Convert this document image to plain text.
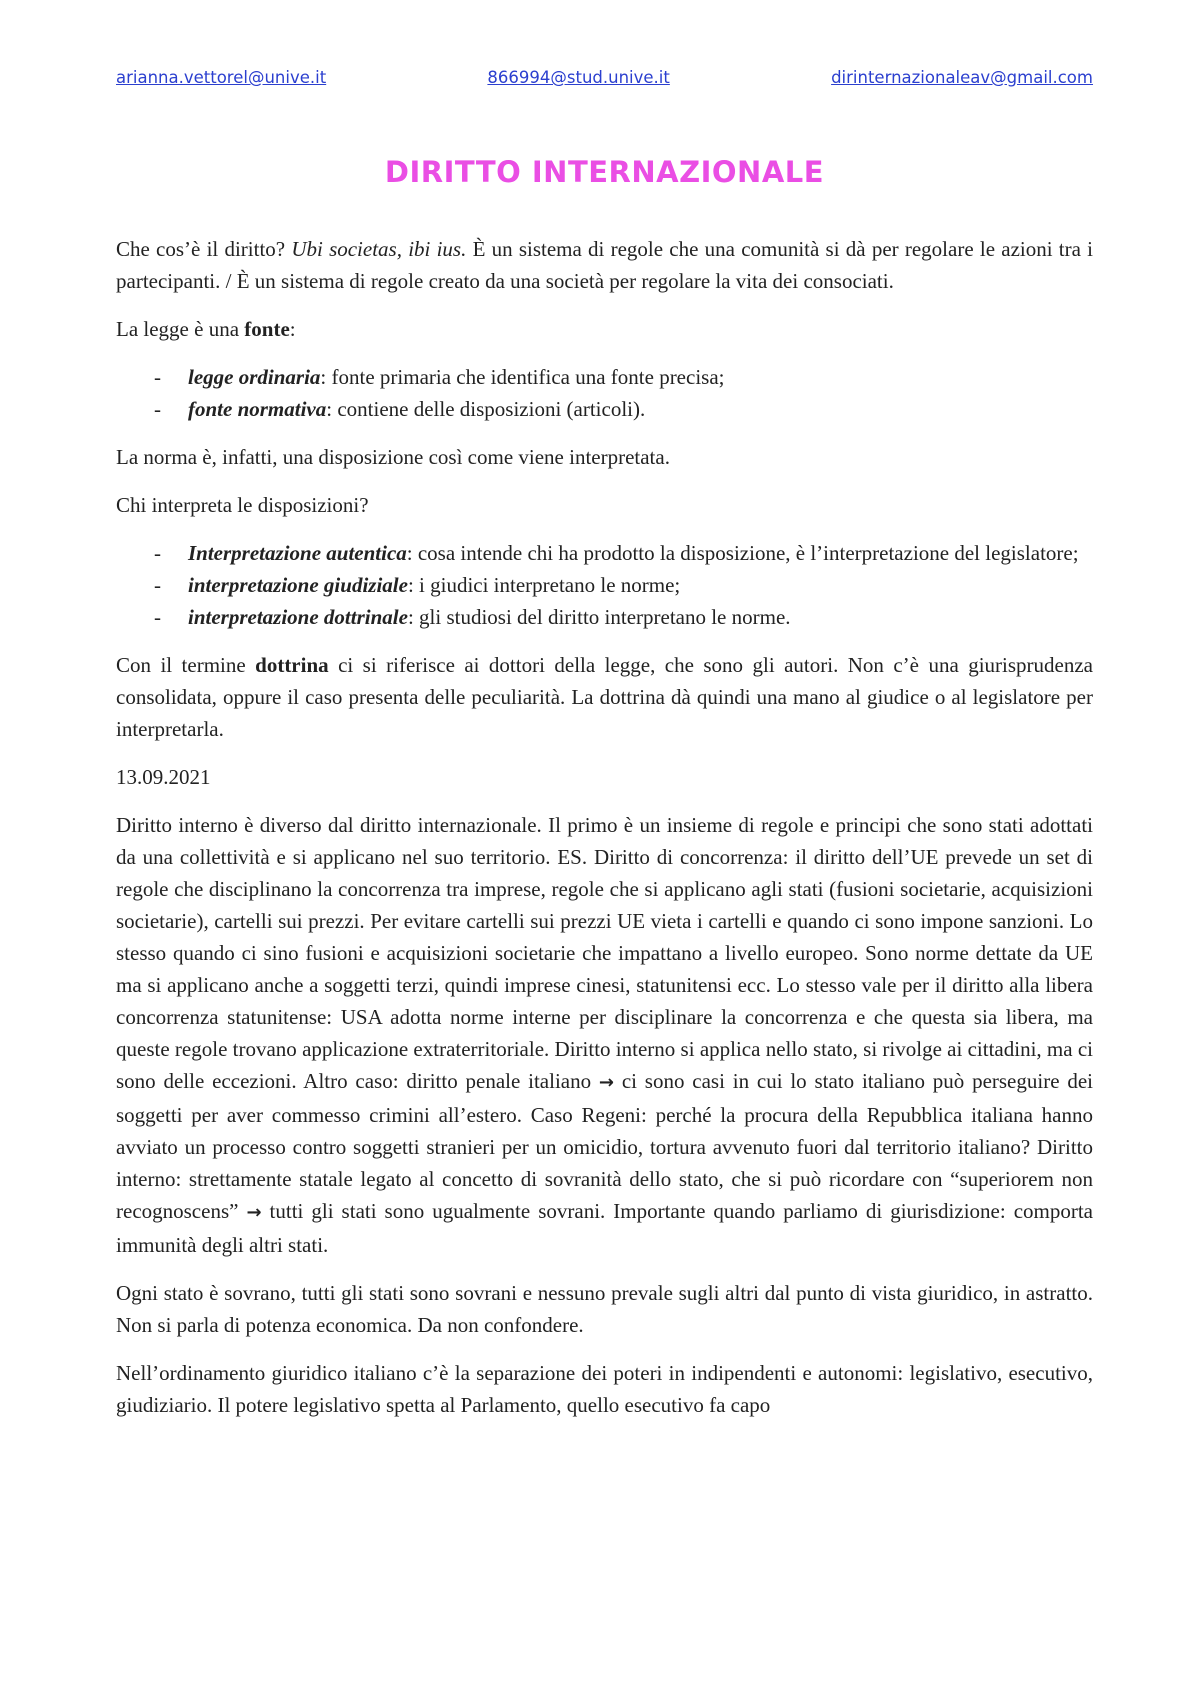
arianna.vettorel@unive.it	866994@stud.unive.it	dirinternazionaleav@gmail.com
DIRITTO INTERNAZIONALE

Che cos’è il diritto? Ubi societas, ibi ius. È un sistema di regole che una comunità si dà per regolare le azioni tra i partecipanti. / È un sistema di regole creato da una società per regolare la vita dei consociati.

La legge è una fonte:

- legge ordinaria: fonte primaria che identifica una fonte precisa;
- fonte normativa: contiene delle disposizioni (articoli).

La norma è, infatti, una disposizione così come viene interpretata.

Chi interpreta le disposizioni?

- Interpretazione autentica: cosa intende chi ha prodotto la disposizione, è l’interpretazione del legislatore;
- interpretazione giudiziale: i giudici interpretano le norme;
- interpretazione dottrinale: gli studiosi del diritto interpretano le norme.

Con il termine dottrina ci si riferisce ai dottori della legge, che sono gli autori. Non c’è una giurisprudenza consolidata, oppure il caso presenta delle peculiarità. La dottrina dà quindi una mano al giudice o al legislatore per interpretarla.

13.09.2021

Diritto interno è diverso dal diritto internazionale. Il primo è un insieme di regole e principi che sono stati adottati da una collettività e si applicano nel suo territorio. ES. Diritto di concorrenza: il diritto dell’UE prevede un set di regole che disciplinano la concorrenza tra imprese, regole che si applicano agli stati (fusioni societarie, acquisizioni societarie), cartelli sui prezzi. Per evitare cartelli sui prezzi UE vieta i cartelli e quando ci sono impone sanzioni. Lo stesso quando ci sino fusioni e acquisizioni societarie che impattano a livello europeo. Sono norme dettate da UE ma si applicano anche a soggetti terzi, quindi imprese cinesi, statunitensi ecc. Lo stesso vale per il diritto alla libera concorrenza statunitense: USA adotta norme interne per disciplinare la concorrenza e che questa sia libera, ma queste regole trovano applicazione extraterritoriale. Diritto interno si applica nello stato, si rivolge ai cittadini, ma ci sono delle eccezioni. Altro caso: diritto penale italiano → ci sono casi in cui lo stato italiano può perseguire dei soggetti per aver commesso crimini all’estero. Caso Regeni: perché la procura della Repubblica italiana hanno avviato un processo contro soggetti stranieri per un omicidio, tortura avvenuto fuori dal territorio italiano? Diritto interno: strettamente statale legato al concetto di sovranità dello stato, che si può ricordare con “superiorem non recognoscens” → tutti gli stati sono ugualmente sovrani. Importante quando parliamo di giurisdizione: comporta immunità degli altri stati.

Ogni stato è sovrano, tutti gli stati sono sovrani e nessuno prevale sugli altri dal punto di vista giuridico, in astratto. Non si parla di potenza economica. Da non confondere.

Nell’ordinamento giuridico italiano c’è la separazione dei poteri in indipendenti e autonomi: legislativo, esecutivo, giudiziario. Il potere legislativo spetta al Parlamento, quello esecutivo fa capo
